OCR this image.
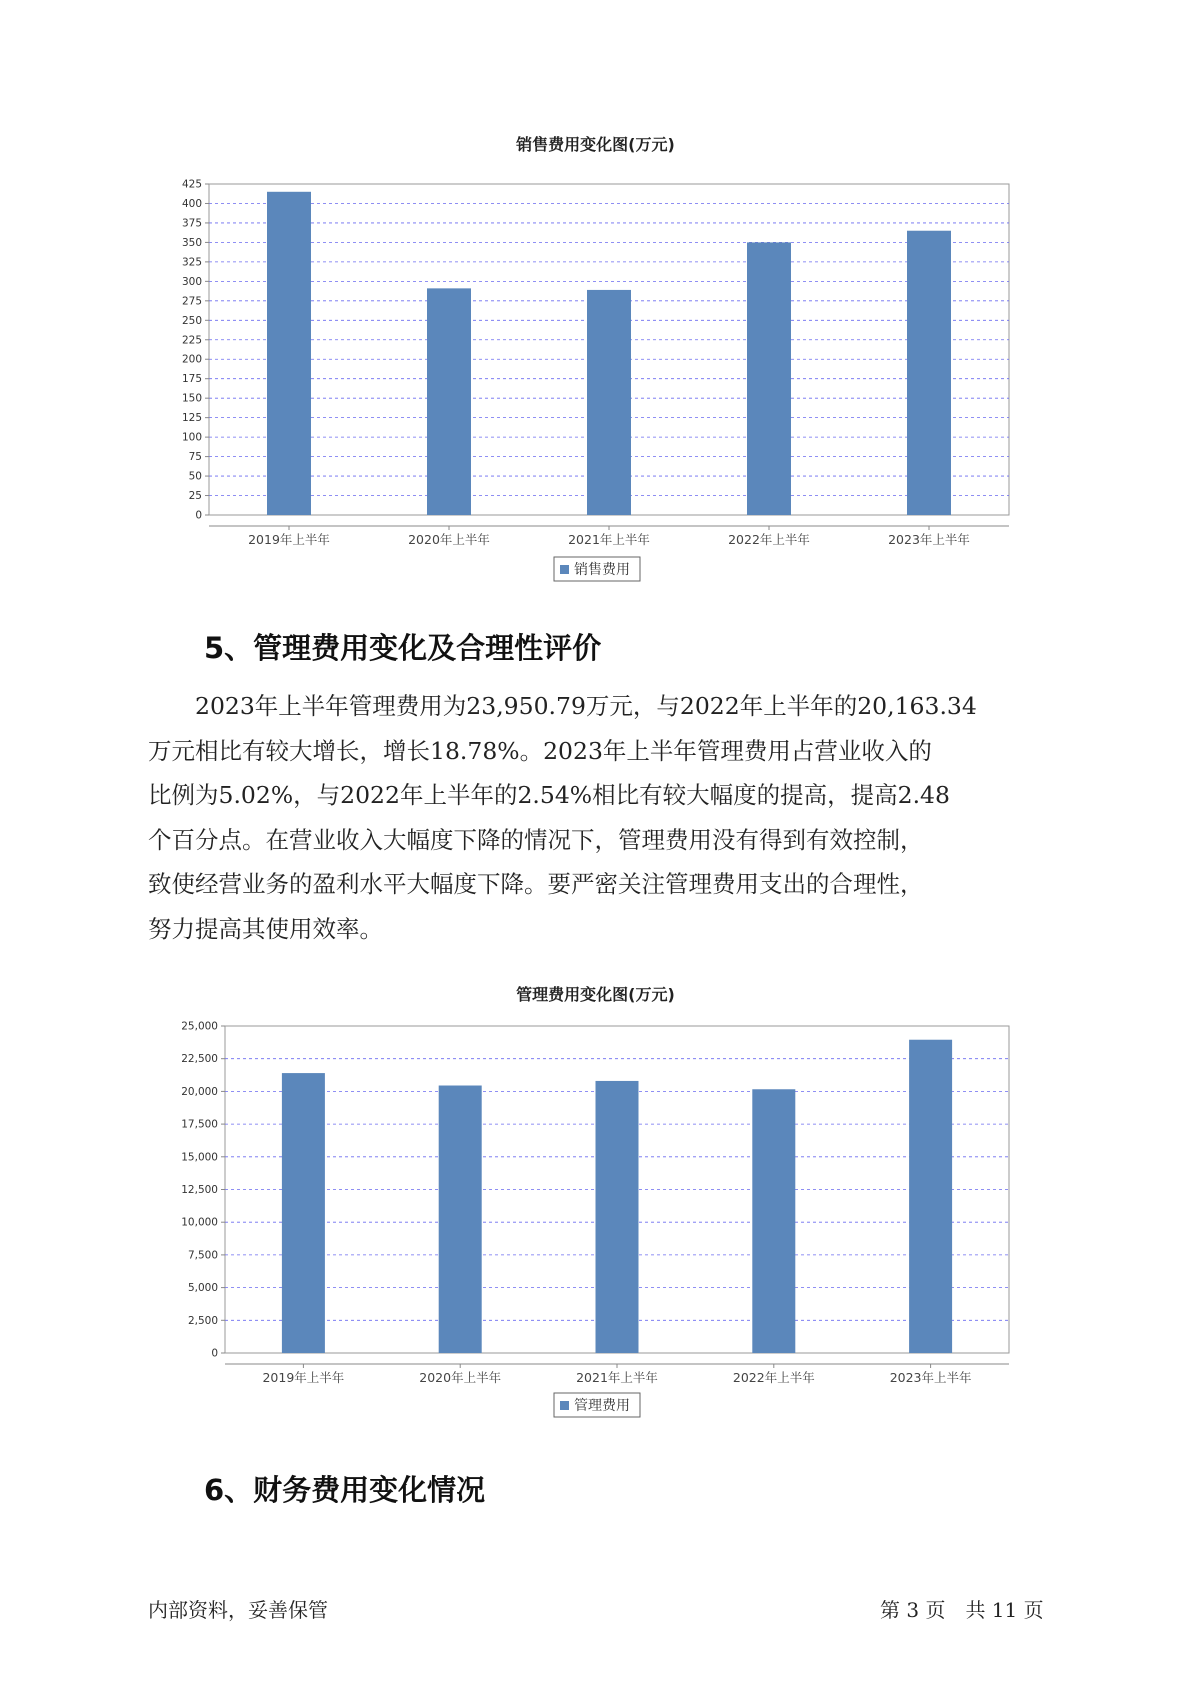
销售费用变化图(万元)
0
25
50
75
100
125
150
175
200
225
250
275
300
325
350
375
400
425
2019年上半年	2020年上半年	2021年上半年	2022年上半年	2023年上半年
销售费用
5、管理费用变化及合理性评价
　　2023年上半年管理费用为23,950.79万元，与2022年上半年的20,163.34
万元相比有较大增长，增长18.78%。2023年上半年管理费用占营业收入的
比例为5.02%，与2022年上半年的2.54%相比有较大幅度的提高，提高2.48
个百分点。在营业收入大幅度下降的情况下，管理费用没有得到有效控制，
致使经营业务的盈利水平大幅度下降。要严密关注管理费用支出的合理性，
努力提高其使用效率。
管理费用变化图(万元)
0
2,500
5,000
7,500
10,000
12,500
15,000
17,500
20,000
22,500
25,000
2019年上半年	2020年上半年	2021年上半年	2022年上半年	2023年上半年
管理费用
6、财务费用变化情况
内部资料，妥善保管	第 3 页　共 11 页
